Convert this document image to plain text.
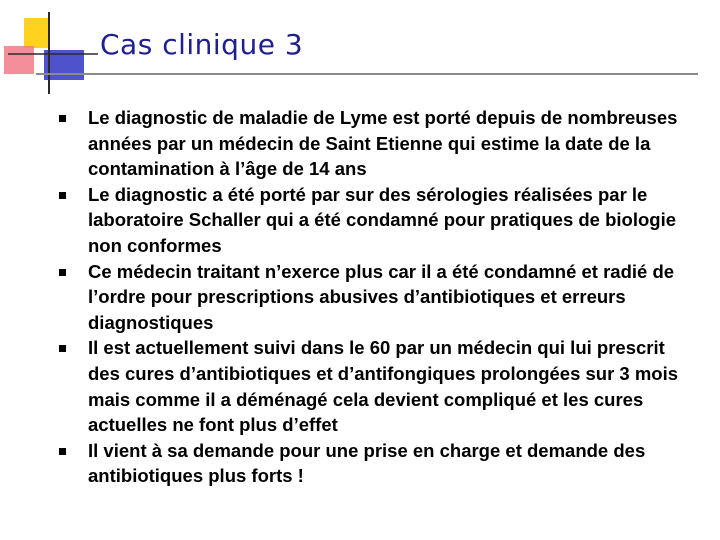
Cas clinique 3
Le diagnostic de maladie de Lyme est porté depuis de nombreuses années par un médecin de Saint Etienne qui estime la date de la contamination à l’âge de 14 ans
Le diagnostic a été porté par sur des sérologies réalisées par le laboratoire Schaller qui a été condamné pour pratiques de biologie non conformes
Ce médecin traitant n’exerce plus car il a été condamné et radié de l’ordre pour prescriptions abusives d’antibiotiques et erreurs diagnostiques
Il est actuellement suivi dans le 60 par un médecin qui lui prescrit des cures d’antibiotiques et d’antifongiques prolongées sur 3 mois mais comme il a déménagé cela devient compliqué et les cures actuelles ne font plus d’effet
Il vient à sa demande pour une prise en charge et demande des antibiotiques plus forts !
